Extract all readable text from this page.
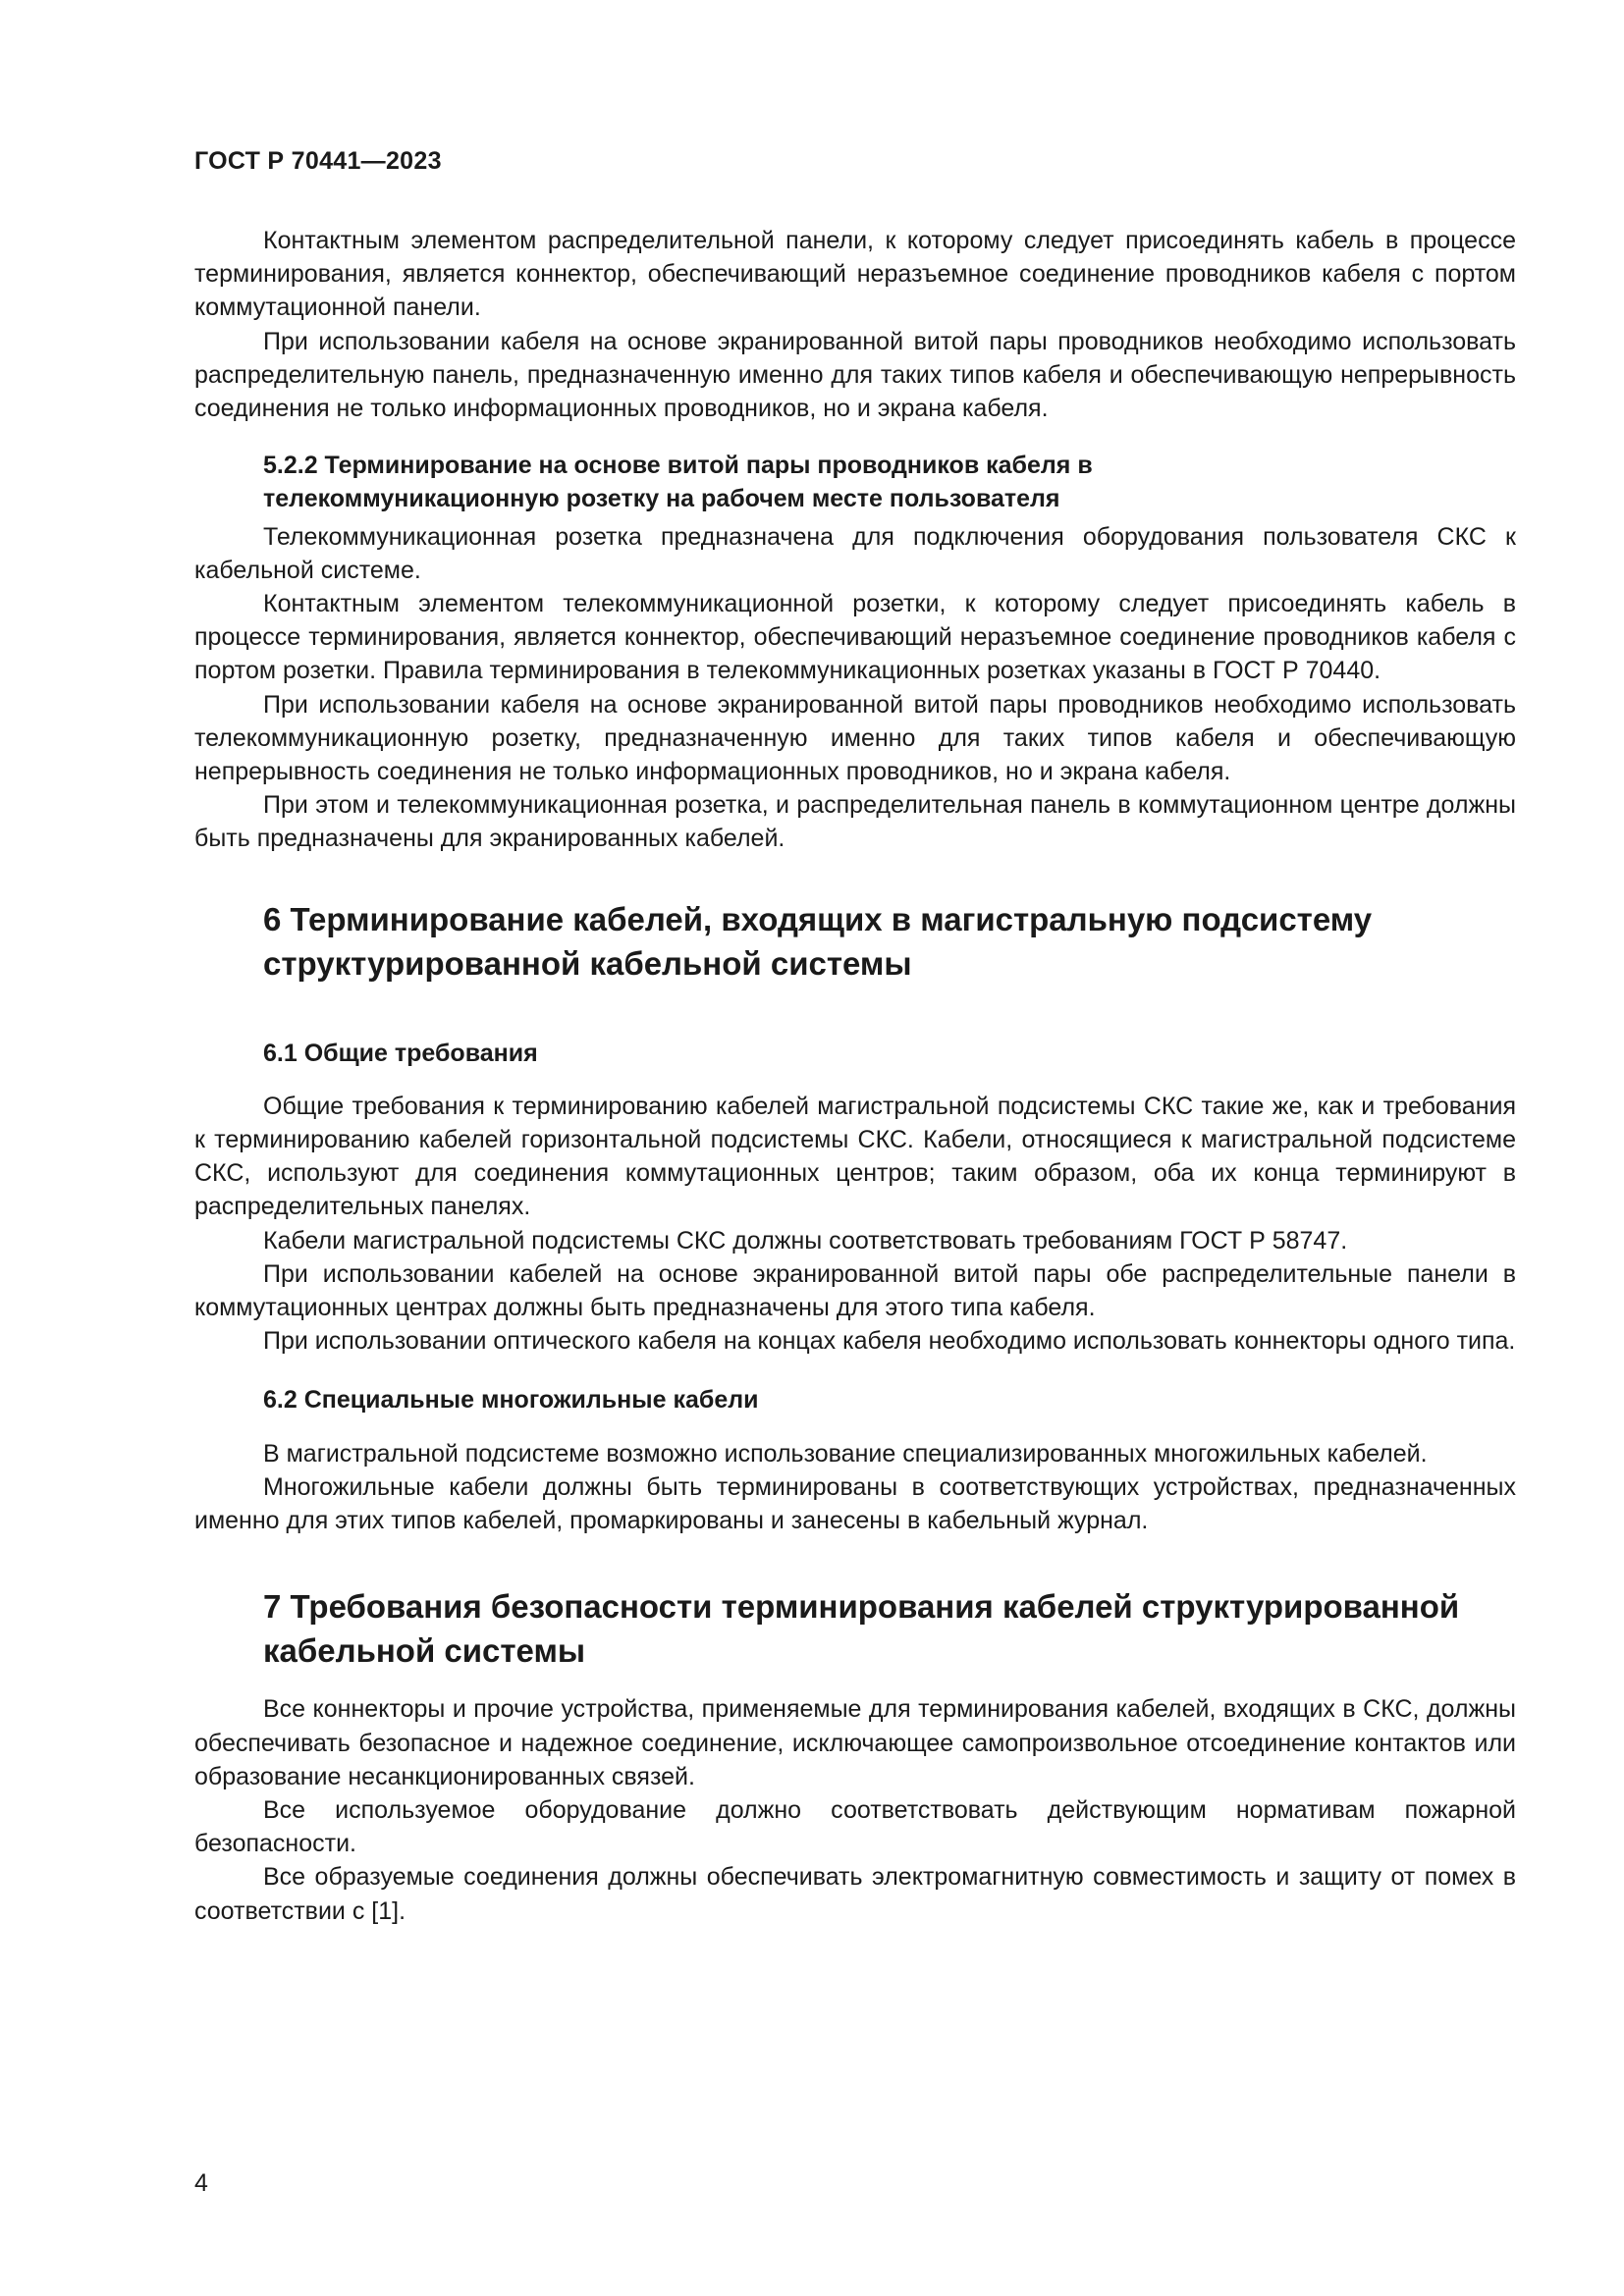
ГОСТ Р 70441—2023

Контактным элементом распределительной панели, к которому следует присоединять кабель в процессе терминирования, является коннектор, обеспечивающий неразъемное соединение проводников кабеля с портом коммутационной панели.

При использовании кабеля на основе экранированной витой пары проводников необходимо использовать распределительную панель, предназначенную именно для таких типов кабеля и обеспечивающую непрерывность соединения не только информационных проводников, но и экрана кабеля.

5.2.2 Терминирование на основе витой пары проводников кабеля в
телекоммуникационную розетку на рабочем месте пользователя

Телекоммуникационная розетка предназначена для подключения оборудования пользователя СКС к кабельной системе.

Контактным элементом телекоммуникационной розетки, к которому следует присоединять кабель в процессе терминирования, является коннектор, обеспечивающий неразъемное соединение проводников кабеля с портом розетки. Правила терминирования в телекоммуникационных розетках указаны в ГОСТ Р 70440.

При использовании кабеля на основе экранированной витой пары проводников необходимо использовать телекоммуникационную розетку, предназначенную именно для таких типов кабеля и обеспечивающую непрерывность соединения не только информационных проводников, но и экрана кабеля.

При этом и телекоммуникационная розетка, и распределительная панель в коммутационном центре должны быть предназначены для экранированных кабелей.

6 Терминирование кабелей, входящих в магистральную подсистему
структурированной кабельной системы
6.1 Общие требования

Общие требования к терминированию кабелей магистральной подсистемы СКС такие же, как и требования к терминированию кабелей горизонтальной подсистемы СКС. Кабели, относящиеся к магистральной подсистеме СКС, используют для соединения коммутационных центров; таким образом, оба их конца терминируют в распределительных панелях.

Кабели магистральной подсистемы СКС должны соответствовать требованиям ГОСТ Р 58747.

При использовании кабелей на основе экранированной витой пары обе распределительные панели в коммутационных центрах должны быть предназначены для этого типа кабеля.

При использовании оптического кабеля на концах кабеля необходимо использовать коннекторы одного типа.

6.2 Специальные многожильные кабели

В магистральной подсистеме возможно использование специализированных многожильных кабелей.

Многожильные кабели должны быть терминированы в соответствующих устройствах, предназначенных именно для этих типов кабелей, промаркированы и занесены в кабельный журнал.

7 Требования безопасности терминирования кабелей структурированной
кабельной системы

Все коннекторы и прочие устройства, применяемые для терминирования кабелей, входящих в СКС, должны обеспечивать безопасное и надежное соединение, исключающее самопроизвольное отсоединение контактов или образование несанкционированных связей.

Все используемое оборудование должно соответствовать действующим нормативам пожарной безопасности.

Все образуемые соединения должны обеспечивать электромагнитную совместимость и защиту от помех в соответствии с [1].

4
